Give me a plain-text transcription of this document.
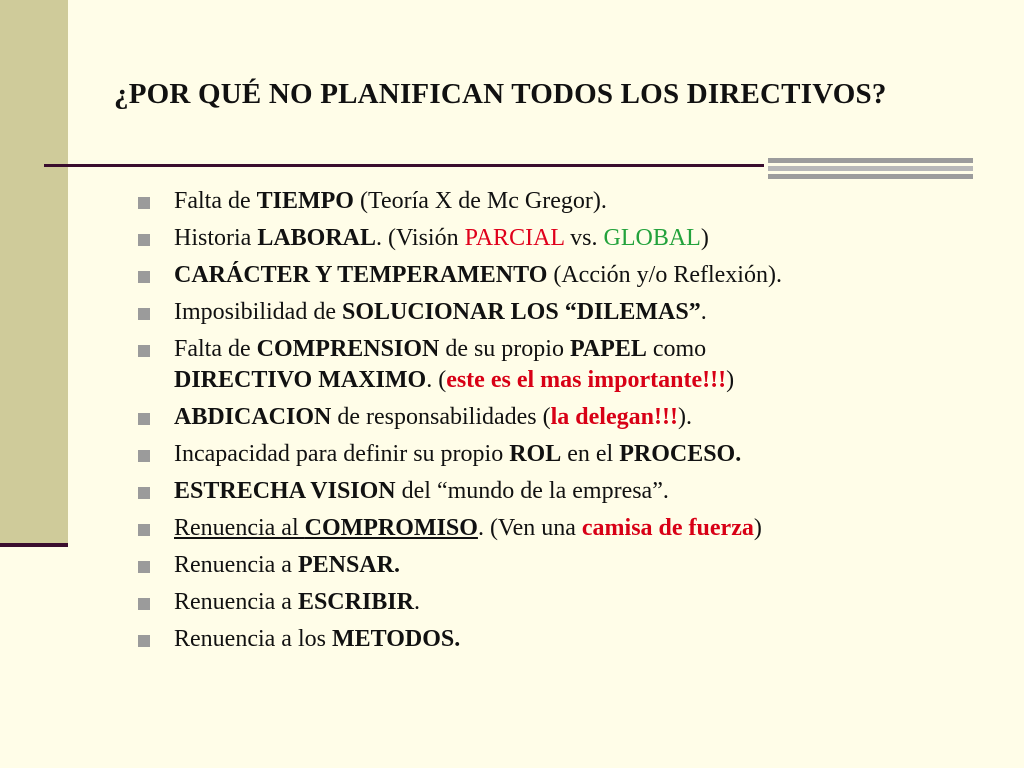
¿POR QUÉ NO PLANIFICAN TODOS LOS DIRECTIVOS?
Falta de TIEMPO (Teoría X de Mc Gregor).
Historia LABORAL. (Visión PARCIAL vs. GLOBAL)
CARÁCTER Y TEMPERAMENTO (Acción y/o Reflexión).
Imposibilidad de SOLUCIONAR LOS “DILEMAS”.
Falta de COMPRENSION de su propio PAPEL como
DIRECTIVO MAXIMO. (este es el mas importante!!!)
ABDICACION de responsabilidades (la delegan!!!).
Incapacidad para definir su propio ROL en el PROCESO.
ESTRECHA VISION del “mundo de la empresa”.
Renuencia al COMPROMISO. (Ven una camisa de fuerza)
Renuencia a PENSAR.
Renuencia a ESCRIBIR.
Renuencia a los METODOS.
